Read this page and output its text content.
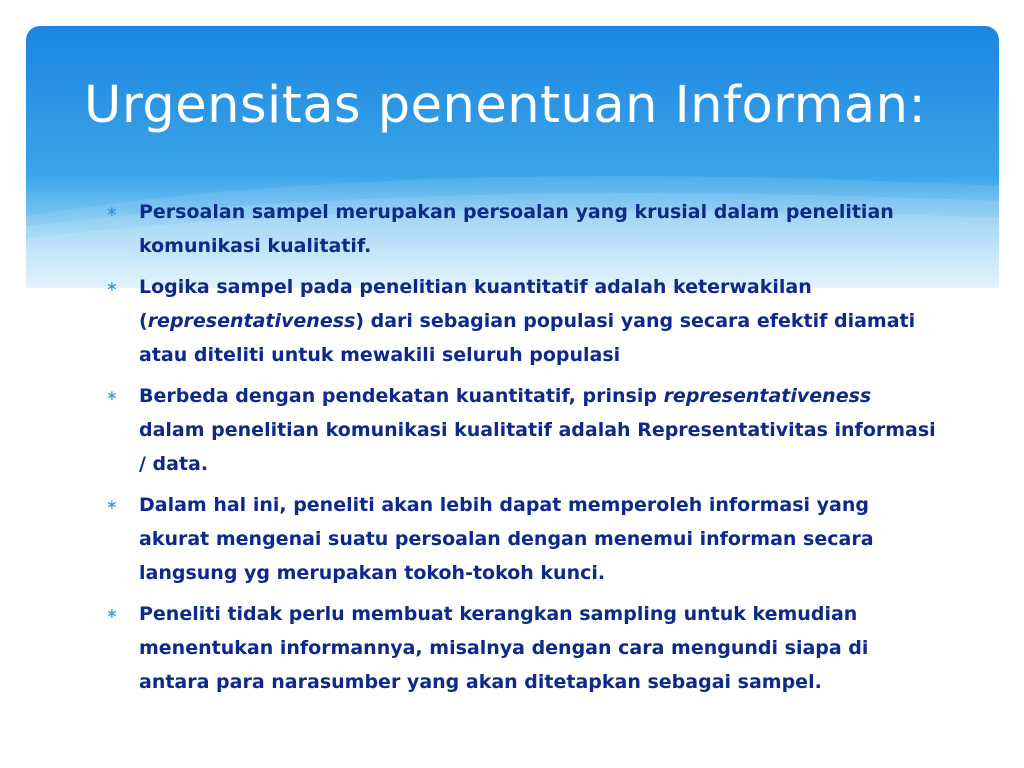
Urgensitas penentuan Informan:
∗ Persoalan sampel merupakan persoalan yang krusial dalam penelitian komunikasi kualitatif.
∗ Logika sampel pada penelitian kuantitatif adalah keterwakilan (representativeness) dari sebagian populasi yang secara efektif diamati atau diteliti untuk mewakili seluruh populasi
∗ Berbeda dengan pendekatan kuantitatif, prinsip representativeness dalam penelitian komunikasi kualitatif adalah Representativitas informasi / data.
∗ Dalam hal ini, peneliti akan lebih dapat memperoleh informasi yang akurat mengenai suatu persoalan dengan menemui informan secara langsung yg merupakan tokoh-tokoh kunci.
∗ Peneliti tidak perlu membuat kerangkan sampling untuk kemudian menentukan informannya, misalnya dengan cara mengundi siapa di antara para narasumber yang akan ditetapkan sebagai sampel.
